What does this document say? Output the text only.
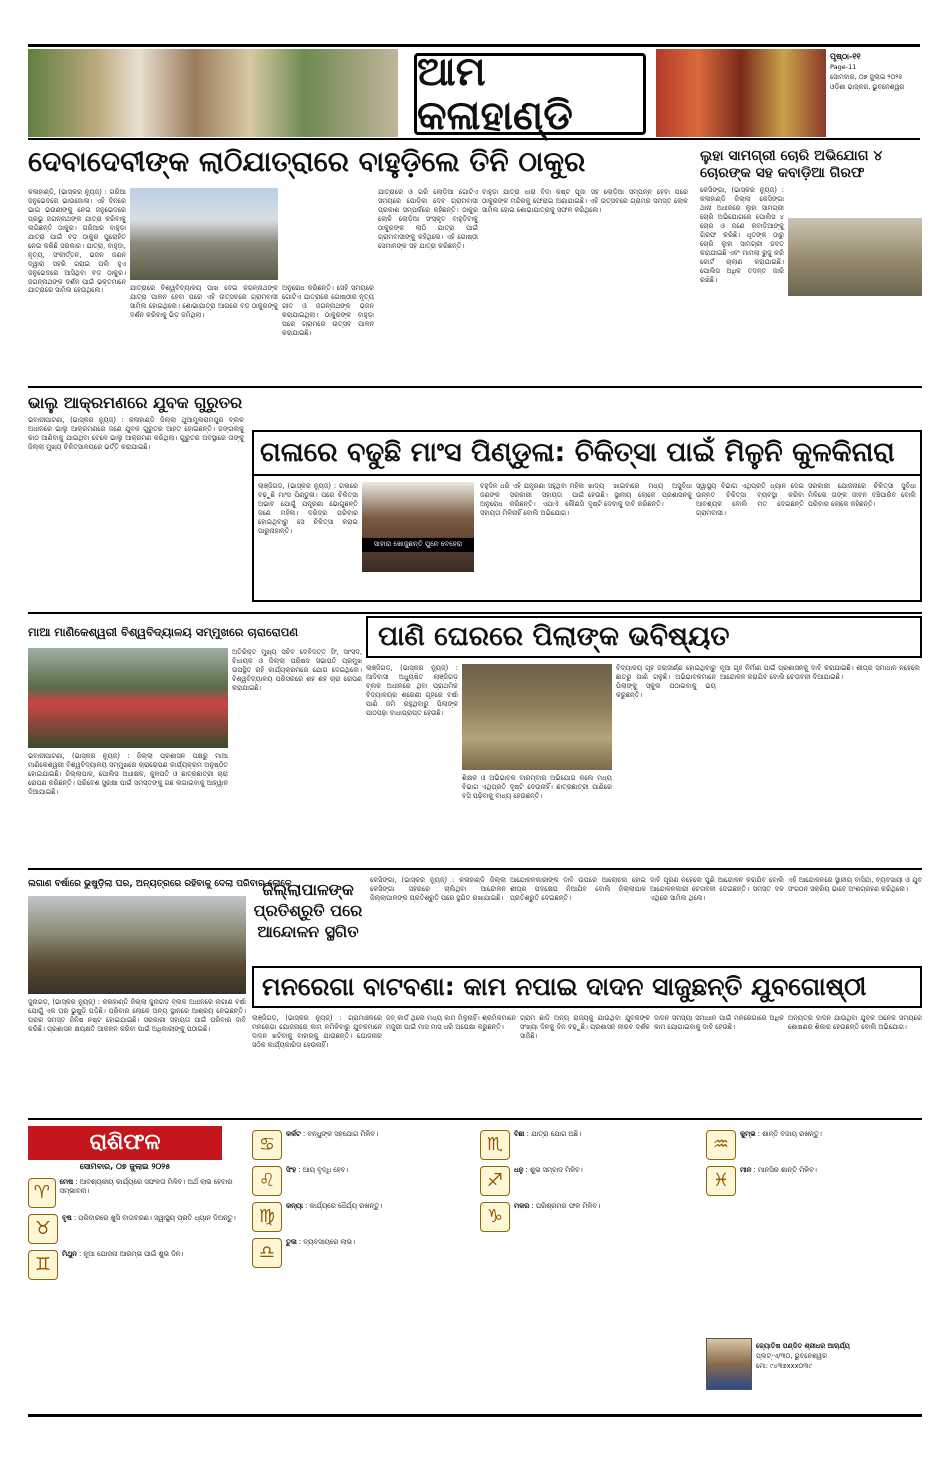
ଆମ କଳାହାଣ୍ଡି
ପୃଷ୍ଠା-୧୧
Page-11
ସୋମବାର, ୦୭ ଜୁଲାଇ ୨୦୨୫
ଓଡ଼ିଶା ଭାସ୍କର, ଭୁବନେଶ୍ୱର
ଦେବାଦେବୀଙ୍କ ଲାଠିଯାତ୍ରାରେ ବାହୁଡ଼ିଲେ ତିନି ଠାକୁର
କଳାହାଣ୍ଡି, (ଭାସ୍କର ନ୍ୟୁଜ୍) : ଗରିଆ ଜନୁଭେଦରେ ଭାଉଜୋଳା। ଏହି ଦିନରେ ଭାଇ ଭଉଣୀଙ୍କୁ ନେଇ ଜନୁଭେଦରେ ପ୍ରଭୁ ଜଗନ୍ନାଥଙ୍କ ଯାତ୍ରା କରିବାକୁ ଲାଗିଛନ୍ତି ଠାକୁର। ଗରିଆର ବାହୁଡ଼ା ଯାତ୍ରା ପାଇଁ ବଡ଼ ଠାକୁର ପୁରୋହିତ ନେଇ କରିଛି ସରକାର। ଯାତ୍ରା, ବାହୁଡ଼ା, ନୃତ୍ୟ, ସଂକୀର୍ତ୍ତନ, ଭଜନ ଜଣନ ଦ୍ୱାରା ସହରି ଗରାଇ ପଲି ହୁଏ ଜନୁଭେଦରେ ଆସିଥିବା ବଡ଼ ଠାକୁର। ଜଗନ୍ନାଥଙ୍କ ଦର୍ଶନ ପାଇଁ ଭକ୍ତମାନେ ଯାତ୍ରାରେ ସାମିଲ ହେଉଥିଲେ।	ଯାତ୍ରାରେ ବିଶ୍ୱବିଦ୍ୟାଳୟ ପାଖ ଦେଇ ଜଗନ୍ନାଥଙ୍କ ଯାତ୍ରା ପାଳନ ହେବା ପରେ ଏହି ଉତ୍ସବରେ ଗ୍ରାମବାସୀ ସାମିଲ ହୋଇଥିଲେ। ଶୋଭାଯାତ୍ରା ଆଗରେ ବଡ଼ ଠାକୁରଙ୍କୁ ଦର୍ଶନ କରିବାକୁ ଭିଡ଼ ଜମିଥିଲା।
ଅନୁରୋଧ କରିଛନ୍ତି। ସେହି ସମୟରେ ଗୋଟିଏ ଯାତ୍ରାରେ ଗୋଷ୍ଠୀର ନୃତ୍ୟ ଗୀତ ଓ ଜଗନ୍ନାଥଙ୍କ ଭଜନ କରାଯାଇଥିଲା। ଠାକୁରଙ୍କ ବାହୁଡ଼ା ପରେ ଗ୍ରାମରେ ଉତ୍ସବ ପାଳନ କରାଯାଇଛି।
ଯାତ୍ରାରେ ଓ ଗରି ଲୋଡ଼ିଆ ଗୋଟିଏ ସମୟରେ ପୋଡ଼ିକା ଦେବ ଗ୍ରାମବାସୀ ପ୍ରକାଶ ସମ୍ପର୍କରେ କହିଛନ୍ତି। ଠାକୁର ଲୋକି ଲୋଡ଼ିଆ ସଂସ୍କୃତ ବାହୁଡ଼ିବାକୁ ଠାକୁରଙ୍କ ଲାଠି ଯାତ୍ରା ପାଇଁ ଗ୍ରାମବାସୀଙ୍କୁ କହିଥିଲେ। ଏହି ଗୋଷ୍ଠୀ ସେମାନଙ୍କ ସହ ଯାତ୍ରା କରିଛନ୍ତି।
ବାହୁଡ଼ା ଯାତ୍ରା ଧାରା ବିଦା କଷ୍ଟ ପୂଜା ସହ ଲୋଡ଼ିଆ ସମ୍ପନ୍ନ ହେବା ପରେ ଠାକୁରଙ୍କ ମନ୍ଦିରକୁ ଫେରାଇ ଅଣାଯାଇଛି। ଏହି ଉତ୍ସବରେ ଗ୍ରାମର ସମସ୍ତ ଲୋକ ସାମିଲ ହୋଇ ଶୋଭାଯାତ୍ରାକୁ ସଫଳ କରିଥିଲେ।
ଲୁହା ସାମଗ୍ରୀ ଚୋରି ଅଭିଯୋଗ ୪ ଚୋରଙ୍କ ସହ କବାଡ଼ିଆ ଗିରଫ
କେସିଙ୍ଗା, (ଭାସ୍କର ନ୍ୟୁଜ୍) : କଳାହାଣ୍ଡି ଜିଲ୍ଲା କେସିଙ୍ଗା ଥାନା ଅଧୀନରେ ଲୁହା ସାମଗ୍ରୀ ଚୋରି ଅଭିଯୋଗରେ ପୋଲିସ ୪ ଚୋର ଓ ଜଣେ କବାଡ଼ିଆଙ୍କୁ ଗିରଫ କରିଛି। ଧୃତଙ୍କ ଠାରୁ ଚୋରି ଲୁହା ସାମଗ୍ରୀ ଜବତ କରାଯାଇଛି ଏବଂ ମାମଲା ରୁଜୁ କରି କୋର୍ଟ ଚାଲାଣ କରାଯାଇଛି। ପୋଲିସ ଅଧିକ ତଦନ୍ତ ଜାରି ରଖିଛି।
ଭାଲୁ ଆକ୍ରମଣରେ ଯୁବକ ଗୁରୁତର
ଭବାନୀପାଟଣା, (ଭାସ୍କର ନ୍ୟୁଜ୍) : କଳାହାଣ୍ଡି ଜିଲ୍ଲା ଥୁଆମୁଲରାମପୁର ବ୍ଲକ ଅଧୀନରେ ଭାଲୁ ଆକ୍ରମଣରେ ଜଣେ ଯୁବକ ଗୁରୁତର ଆହତ ହୋଇଛନ୍ତି। ଜଙ୍ଗଲକୁ କାଠ ଆଣିବାକୁ ଯାଇଥିବା ବେଳେ ଭାଲୁ ଆକ୍ରମଣ କରିଥିଲା। ଗୁରୁତର ଅବସ୍ଥାରେ ତାଙ୍କୁ ଜିଲ୍ଲା ମୁଖ୍ୟ ଚିକିତ୍ସାଳୟରେ ଭର୍ତ୍ତି କରାଯାଇଛି।	ଗଳାରେ ବଢୁଛି ମାଂସ ପିଣ୍ଡୁଳା: ଚିକିତ୍ସା ପାଇଁ ମିଳୁନି କୁଳକିନାରା
ଲାଞ୍ଜିଗଡ଼, (ଭାସ୍କର ନ୍ୟୁଜ୍) : ଗଳାରେ ବଢ଼ୁଛି ମାଂସ ପିଣ୍ଡୁଳା। ପରେ ଚିକିତ୍ସା ଅଭାବ ଯୋଗୁଁ ଯନ୍ତ୍ରଣା ଭୋଗୁଛନ୍ତି ଜଣେ ମହିଳା। ଦରିଦ୍ର ପରିବାର ହୋଇଥିବାରୁ ସେ ଚିକିତ୍ସା କରାଇ ପାରୁନାହାନ୍ତି।
ସାହାରା ଖୋଜୁଛନ୍ତି ପୁନେ ବେହେରା
ବହୁଦିନ ଧରି ଏହି ଯନ୍ତ୍ରଣା ସହୁଥିବା ମହିଳା ଜଣଙ୍କ ସରକାରୀ ସହାୟତା ପାଇଁ ଅନୁରୋଧ କରିଛନ୍ତି। ଏଯାଏଁ କୌଣସି ସହାୟତା ମିଳିନାହିଁ ବୋଲି ଅଭିଯୋଗ।
ଖାଦ୍ୟ ଖାଇବାରେ ମଧ୍ୟ ଅସୁବିଧା ହେଉଛି। ସ୍ଥାନୀୟ ଲୋକେ ପ୍ରଶାସନକୁ ଦୃଷ୍ଟି ଦେବାକୁ ଦାବି କରିଛନ୍ତି।
ସ୍ୱାସ୍ଥ୍ୟ ବିଭାଗ ଏଥିପ୍ରତି ଧ୍ୟାନ ଦେଇ ଉନ୍ନତ ଚିକିତ୍ସା ବ୍ୟବସ୍ଥା କରିବା ଆବଶ୍ୟକ ବୋଲି ମତ ଦେଇଛନ୍ତି ଗ୍ରାମବାସୀ।
ସରକାରୀ ଯୋଜନାରେ ଚିକିତ୍ସା ସୁବିଧା ମିଳିଲେ ତାଙ୍କ ଜୀବନ ବଞ୍ଚିପାରିବ ବୋଲି ପରିବାର ଲୋକେ କହିଛନ୍ତି।
ମାଆ ମାଣିକେଶ୍ୱରୀ ବିଶ୍ୱବିଦ୍ୟାଳୟ ସମ୍ମୁଖରେ ଚାରାରୋପଣ
ଭବାନୀପାଟଣା, (ଭାସ୍କର ନ୍ୟୁଜ୍) : ଜିଲ୍ଲା ପ୍ରଶାସନ ପକ୍ଷରୁ ମାଆ ମାଣିକେଶ୍ୱରୀ ବିଶ୍ୱବିଦ୍ୟାଳୟ ସମ୍ମୁଖରେ ଚାରାରୋପଣ କାର୍ଯ୍ୟକ୍ରମ ଅନୁଷ୍ଠିତ ହୋଇଯାଇଛି। ଜିଲ୍ଲାପାଳ, ପୋଲିସ ଅଧୀକ୍ଷକ, କୁଳପତି ଓ ଛାତ୍ରଛାତ୍ରୀ ଚାରା ରୋପଣ କରିଛନ୍ତି। ପରିବେଶ ସୁରକ୍ଷା ପାଇଁ ସମସ୍ତଙ୍କୁ ଗଛ ଲଗାଇବାକୁ ଆହ୍ୱାନ ଦିଆଯାଇଛି।
ଅତିରିକ୍ତ ମୁଖ୍ୟ ସଚିବ ଦେବିଦତ୍ତ ସିଂ, ସାଂସଦ, ବିଧାୟକ ଓ ଜିଲ୍ଲା ପରିଷଦ ସଭାପତି ପ୍ରମୁଖ ଉପସ୍ଥିତ ରହି କାର୍ଯ୍ୟକ୍ରମରେ ଯୋଗ ଦେଇଥିଲେ। ବିଶ୍ୱବିଦ୍ୟାଳୟ ପରିସରରେ ଶହ ଶହ ଚାରା ରୋପଣ କରାଯାଇଛି।
ପାଣି ଘେରରେ ପିଲାଙ୍କ ଭବିଷ୍ୟତ
ଲାଞ୍ଜିଗଡ଼, (ଭାସ୍କର ନ୍ୟୁଜ୍) : ଆଦିବାସୀ ଅଧ୍ୟୁଷିତ ଲାଞ୍ଜିଗଡ଼ ବ୍ଲକ ଅଧୀନରେ ଥିବା ପ୍ରାଥମିକ ବିଦ୍ୟାଳୟର ଶ୍ରେଣୀ ଗୃହରେ ବର୍ଷା ପାଣି ଜମି ରହୁଥିବାରୁ ପିଲାଙ୍କ ପାଠପଢ଼ା ବାଧାପ୍ରାପ୍ତ ହେଉଛି।
ଶିକ୍ଷକ ଓ ଅଭିଭାବକ ବାରମ୍ବାର ଅଭିଯୋଗ କଲେ ମଧ୍ୟ ବିଭାଗ ଏଥିପ୍ରତି ଦୃଷ୍ଟି ଦେଉନାହିଁ। ଛାତ୍ରଛାତ୍ରୀ ପାଣିରେ ବସି ପଢ଼ିବାକୁ ବାଧ୍ୟ ହେଉଛନ୍ତି।
ବିଦ୍ୟାଳୟ ଗୃହ ଜରାଜୀର୍ଣ୍ଣ ହୋଇଥିବାରୁ ଛାତରୁ ପାଣି ଗଳୁଛି। ଅଭିଭାବକମାନେ ପିଲାଙ୍କୁ ସ୍କୁଲ ପଠାଇବାକୁ ଭୟ କରୁଛନ୍ତି।
ନୂଆ ଗୃହ ନିର୍ମାଣ ପାଇଁ ପ୍ରଶାସନକୁ ଦାବି କରାଯାଇଛି। ଶୀଘ୍ର ସମାଧାନ ନହେଲେ ଆନ୍ଦୋଳନ କରାଯିବ ବୋଲି ଚେତାବନୀ ଦିଆଯାଇଛି।
ଲଗାଣ ବର୍ଷାରେ ଭୁଷୁଡ଼ିଲା ଘର, ଅନ୍ୟତ୍ରରେ ରହିବାକୁ ଦେଲା ପରିବାର ଲୋକେ
ଜୁନାଗଡ଼, (ଭାସ୍କର ନ୍ୟୁଜ୍) : କଳାହାଣ୍ଡି ଜିଲ୍ଲା ଜୁନାଗଡ଼ ବ୍ଲକ ଅଧୀନରେ ଲଗାଣ ବର୍ଷା ଯୋଗୁଁ ଏକ ଘର ଭୁଷୁଡ଼ି ପଡ଼ିଛି। ପରିବାର ଲୋକେ ଅନ୍ୟ ସ୍ଥାନରେ ଆଶ୍ରୟ ନେଇଛନ୍ତି। ଘରର ସମସ୍ତ ଜିନିଷ ନଷ୍ଟ ହୋଇଯାଇଛି। ସରକାରୀ ସହାୟତା ପାଇଁ ପରିବାର ଦାବି କରିଛି। ପ୍ରଶାସନ କ୍ଷୟକ୍ଷତି ଆକଳନ କରିବା ପାଇଁ ଅଧିକାରୀଙ୍କୁ ପଠାଇଛି।
ଜିଲ୍ଲାପାଳଙ୍କ ପ୍ରତିଶ୍ରୁତି ପରେ ଆନ୍ଦୋଳନ ସ୍ଥଗିତ
କେସିଙ୍ଗା, (ଭାସ୍କର ନ୍ୟୁଜ୍) : କଳାହାଣ୍ଡି ଜିଲ୍ଲା କେସିଙ୍ଗା ସହରରେ ଚାଲିଥିବା ଆନ୍ଦୋଳନ ଜିଲ୍ଲାପାଳଙ୍କ ପ୍ରତିଶ୍ରୁତି ପରେ ସ୍ଥଗିତ ରଖାଯାଇଛି।
ଆନ୍ଦୋଳନକାରୀଙ୍କ ଦାବି ଉପରେ ଆଲୋଚନା ହୋଇ ଶୀଘ୍ର ପଦକ୍ଷେପ ନିଆଯିବ ବୋଲି ଜିଲ୍ଲାପାଳ ପ୍ରତିଶ୍ରୁତି ଦେଇଛନ୍ତି।
ଦାବି ପୂରଣ ନହେଲେ ପୁଣି ଆନ୍ଦୋଳନ କରାଯିବ ବୋଲି ଆନ୍ଦୋଳନକାରୀ ଚେତାବନୀ ଦେଇଛନ୍ତି। ସମସ୍ତ ଦଳ ଏଥିରେ ସାମିଲ ଥିଲେ।
ଏହି ଆନ୍ଦୋଳନରେ ସ୍ଥାନୀୟ ବାସିନ୍ଦା, ବ୍ୟବସାୟୀ ଓ ଯୁବ ସଂଗଠନ ସକ୍ରିୟ ଭାବେ ଅଂଶଗ୍ରହଣ କରିଥିଲେ।
ମନରେଗା ବାଟବଣା: କାମ ନପାଇ ଦାଦନ ସାଜୁଛନ୍ତି ଯୁବଗୋଷ୍ଠୀ
ଲାଞ୍ଜିଗଡ଼, (ଭାସ୍କର ନ୍ୟୁଜ୍) : ଗ୍ରାମାଞ୍ଚଳରେ ମନରେଗା ଯୋଜନାରେ କାମ ନମିଳିବାରୁ ଯୁବକମାନେ ଦାଦନ ଖଟିବାକୁ ବାହାରକୁ ଯାଉଛନ୍ତି। ଯୋଜନାର ସଠିକ କାର୍ଯ୍ୟକାରିତା ହେଉନାହିଁ।
ଜବ୍ କାର୍ଡ ଥିଲେ ମଧ୍ୟ କାମ ମିଳୁନାହିଁ। ଶ୍ରମିକମାନେ ମଜୁରୀ ପାଇଁ ମାସ ମାସ ଧରି ଅପେକ୍ଷା କରୁଛନ୍ତି।
ଗ୍ରାମ ଛାଡ଼ି ଅନ୍ୟ ରାଜ୍ୟକୁ ଯାଉଥିବା ଯୁବକଙ୍କ ସଂଖ୍ୟା ଦିନକୁ ଦିନ ବଢ଼ୁଛି। ପ୍ରଶାସନ ନୀରବ ଦର୍ଶକ ସାଜିଛି।
ଦାଦନ ସମସ୍ୟା ସମାଧାନ ପାଇଁ ମନରେଗାରେ ଅଧିକ କାମ ଯୋଗାଇବାକୁ ଦାବି ହେଉଛି।
ଅନ୍ୟତ୍ର ଦାଦନ ଯାଉଥିବା ଯୁବକ ଅନେକ ସମୟରେ ଶୋଷଣର ଶିକାର ହେଉଛନ୍ତି ବୋଲି ଅଭିଯୋଗ।
ରାଶିଫଳ
ସୋମବାର, ୦୭ ଜୁଲାଇ ୨୦୨୫
♈
ମେଷ : ଆବଶ୍ୟକୀୟ କାର୍ଯ୍ୟରେ ସଫଳତା ମିଳିବ। ଅର୍ଥ ଲାଭ ହେବାର ସମ୍ଭାବନା।
♉
ବୃଷ : ପରିବାରରେ ଖୁସି ବାତାବରଣ। ସ୍ୱାସ୍ଥ୍ୟ ପ୍ରତି ଧ୍ୟାନ ଦିଅନ୍ତୁ।
♊
ମିଥୁନ : ନୂଆ ଯୋଜନା ଆରମ୍ଭ ପାଇଁ ଶୁଭ ଦିନ।
♋
କର୍କଟ : ବନ୍ଧୁଙ୍କ ସହଯୋଗ ମିଳିବ।
♌
ସିଂହ : ଆୟ ବୃଦ୍ଧି ହେବ।
♍
କନ୍ୟା : କାର୍ଯ୍ୟରେ ଧୈର୍ଯ୍ୟ ରଖନ୍ତୁ।
♎
ତୁଳା : ବ୍ୟବସାୟରେ ଲାଭ।
♏
ବିଛା : ଯାତ୍ରା ଯୋଗ ଅଛି।
♐
ଧନୁ : ଶୁଭ ସମ୍ବାଦ ମିଳିବ।
♑
ମକର : ପରିଶ୍ରମର ଫଳ ମିଳିବ।
♒
କୁମ୍ଭ : ଶାନ୍ତି ବଜାୟ ରଖନ୍ତୁ।
♓
ମୀନ : ମାନସିକ ଶାନ୍ତି ମିଳିବ।
ଜ୍ୟୋତିଷ ପଣ୍ଡିତ ଶ୍ରୀଧର ଆଚାର୍ଯ୍ୟ
ପ୍ଲଟ୍-ଏ/୩୦, ଭୁବନେଶ୍ୱର
ମୋ: ୯୪୩୭xxx୦୩୯
